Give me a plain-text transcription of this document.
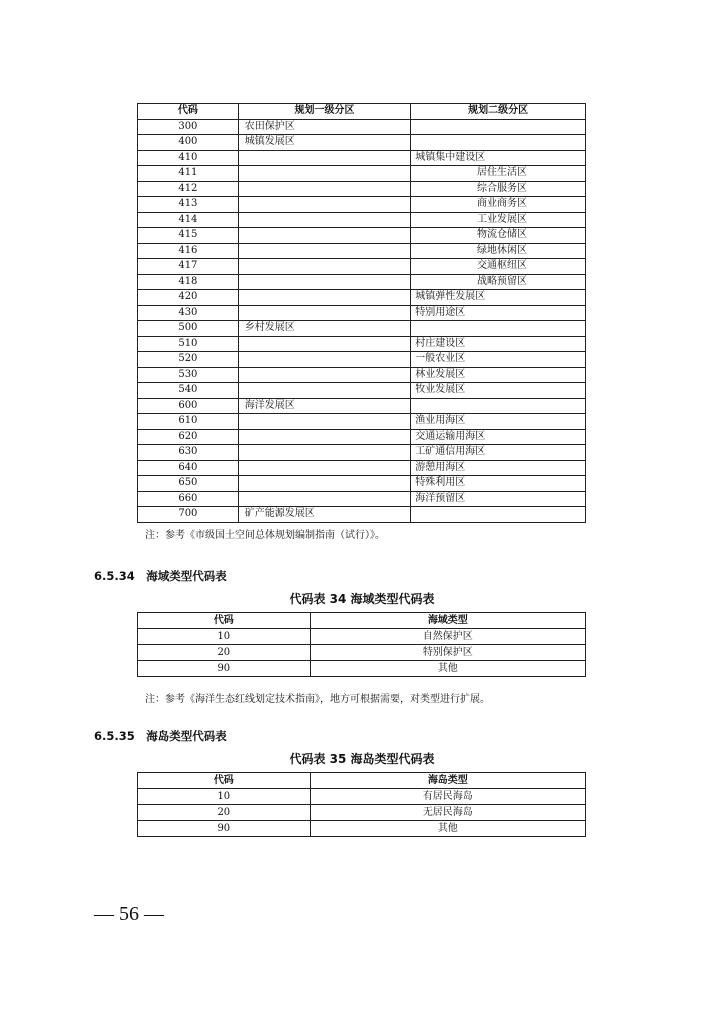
代码	规划一级分区	规划二级分区
300	农田保护区	
400	城镇发展区	
410		城镇集中建设区
411		居住生活区
412		综合服务区
413		商业商务区
414		工业发展区
415		物流仓储区
416		绿地休闲区
417		交通枢纽区
418		战略预留区
420		城镇弹性发展区
430		特别用途区
500	乡村发展区	
510		村庄建设区
520		一般农业区
530		林业发展区
540		牧业发展区
600	海洋发展区	
610		渔业用海区
620		交通运输用海区
630		工矿通信用海区
640		游憩用海区
650		特殊利用区
660		海洋预留区
700	矿产能源发展区	
注：参考《市级国土空间总体规划编制指南（试行）》。
6.5.34　海域类型代码表
代码表 34 海域类型代码表
代码	海域类型
10	自然保护区
20	特别保护区
90	其他
注：参考《海洋生态红线划定技术指南》，地方可根据需要，对类型进行扩展。
6.5.35　海岛类型代码表
代码表 35 海岛类型代码表
代码	海岛类型
10	有居民海岛
20	无居民海岛
90	其他
— 56 —
